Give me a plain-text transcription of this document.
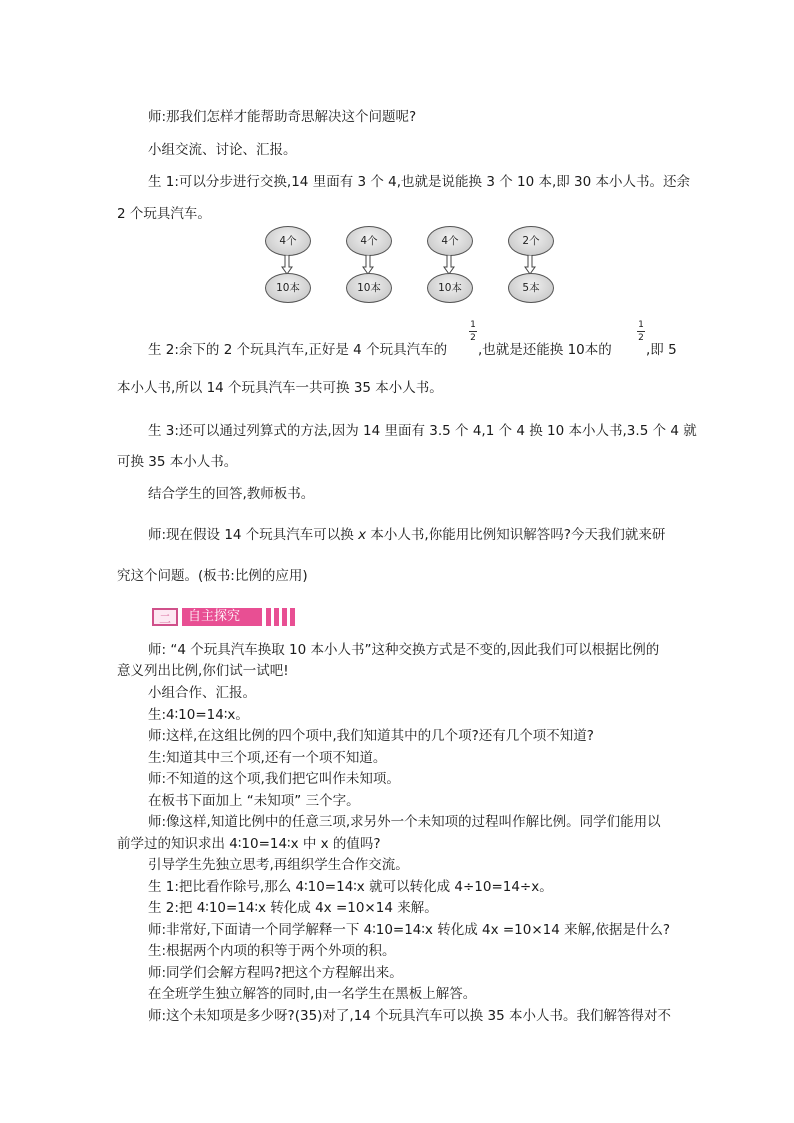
师:那我们怎样才能帮助奇思解决这个问题呢?
小组交流、讨论、汇报。
生 1:可以分步进行交换,14 里面有 3 个 4,也就是说能换 3 个 10 本,即 30 本小人书。还余
2 个玩具汽车。
4个	4个	4个	2个
10本	10本	10本	5本
生 2:余下的 2 个玩具汽车,正好是 4 个玩具汽车的
1
2
,也就是还能换 10本的
1
2
,即 5
本小人书,所以 14 个玩具汽车一共可换 35 本小人书。
生 3:还可以通过列算式的方法,因为 14 里面有 3.5 个 4,1 个 4 换 10 本小人书,3.5 个 4 就
可换 35 本小人书。
结合学生的回答,教师板书。
师:现在假设 14 个玩具汽车可以换 x 本小人书,你能用比例知识解答吗?今天我们就来研
究这个问题。(板书:比例的应用)
二	自主探究
师: “4 个玩具汽车换取 10 本小人书”这种交换方式是不变的,因此我们可以根据比例的
意义列出比例,你们试一试吧!
小组合作、汇报。
生:4∶10=14∶x。
师:这样,在这组比例的四个项中,我们知道其中的几个项?还有几个项不知道?
生:知道其中三个项,还有一个项不知道。
师:不知道的这个项,我们把它叫作未知项。
在板书下面加上 “未知项” 三个字。
师:像这样,知道比例中的任意三项,求另外一个未知项的过程叫作解比例。同学们能用以
前学过的知识求出 4∶10=14∶x 中 x 的值吗?
引导学生先独立思考,再组织学生合作交流。
生 1:把比看作除号,那么 4∶10=14∶x 就可以转化成 4÷10=14÷x。
生 2:把 4∶10=14∶x 转化成 4x =10×14 来解。
师:非常好,下面请一个同学解释一下 4∶10=14∶x 转化成 4x =10×14 来解,依据是什么?
生:根据两个内项的积等于两个外项的积。
师:同学们会解方程吗?把这个方程解出来。
在全班学生独立解答的同时,由一名学生在黑板上解答。
师:这个未知项是多少呀?(35)对了,14 个玩具汽车可以换 35 本小人书。我们解答得对不
